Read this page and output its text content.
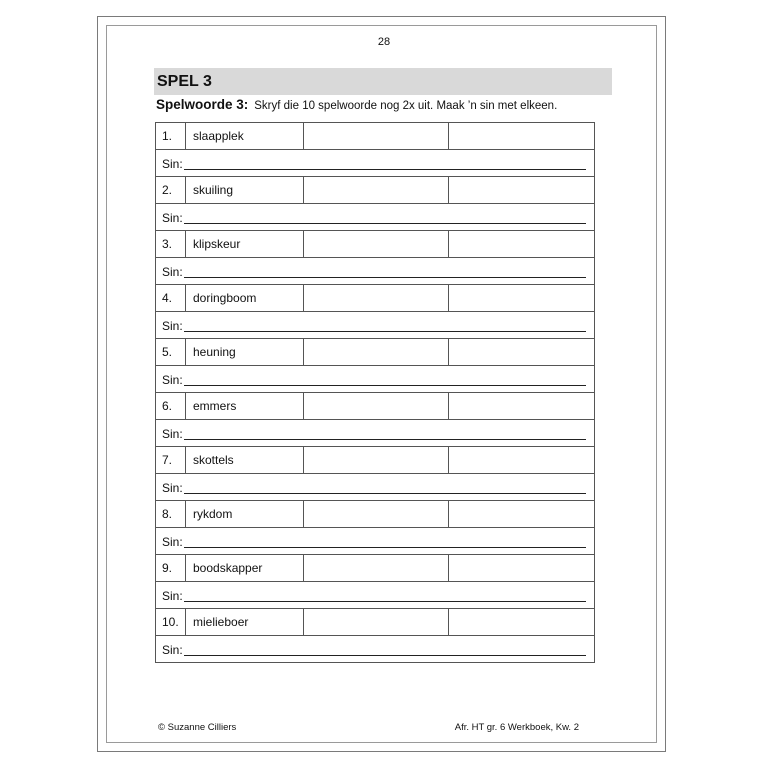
28
SPEL 3
Spelwoorde 3: Skryf die 10 spelwoorde nog 2x uit. Maak ’n sin met elkeen.
1.	slaapplek		

Sin:			

2.	skuiling		

Sin:			

3.	klipskeur		

Sin:			

4.	doringboom		

Sin:			

5.	heuning		

Sin:			

6.	emmers		

Sin:			

7.	skottels		

Sin:			

8.	rykdom		

Sin:			

9.	boodskapper		

Sin:			

10.	mielieboer		

Sin:			
© Suzanne Cilliers	Afr. HT gr. 6 Werkboek, Kw. 2
